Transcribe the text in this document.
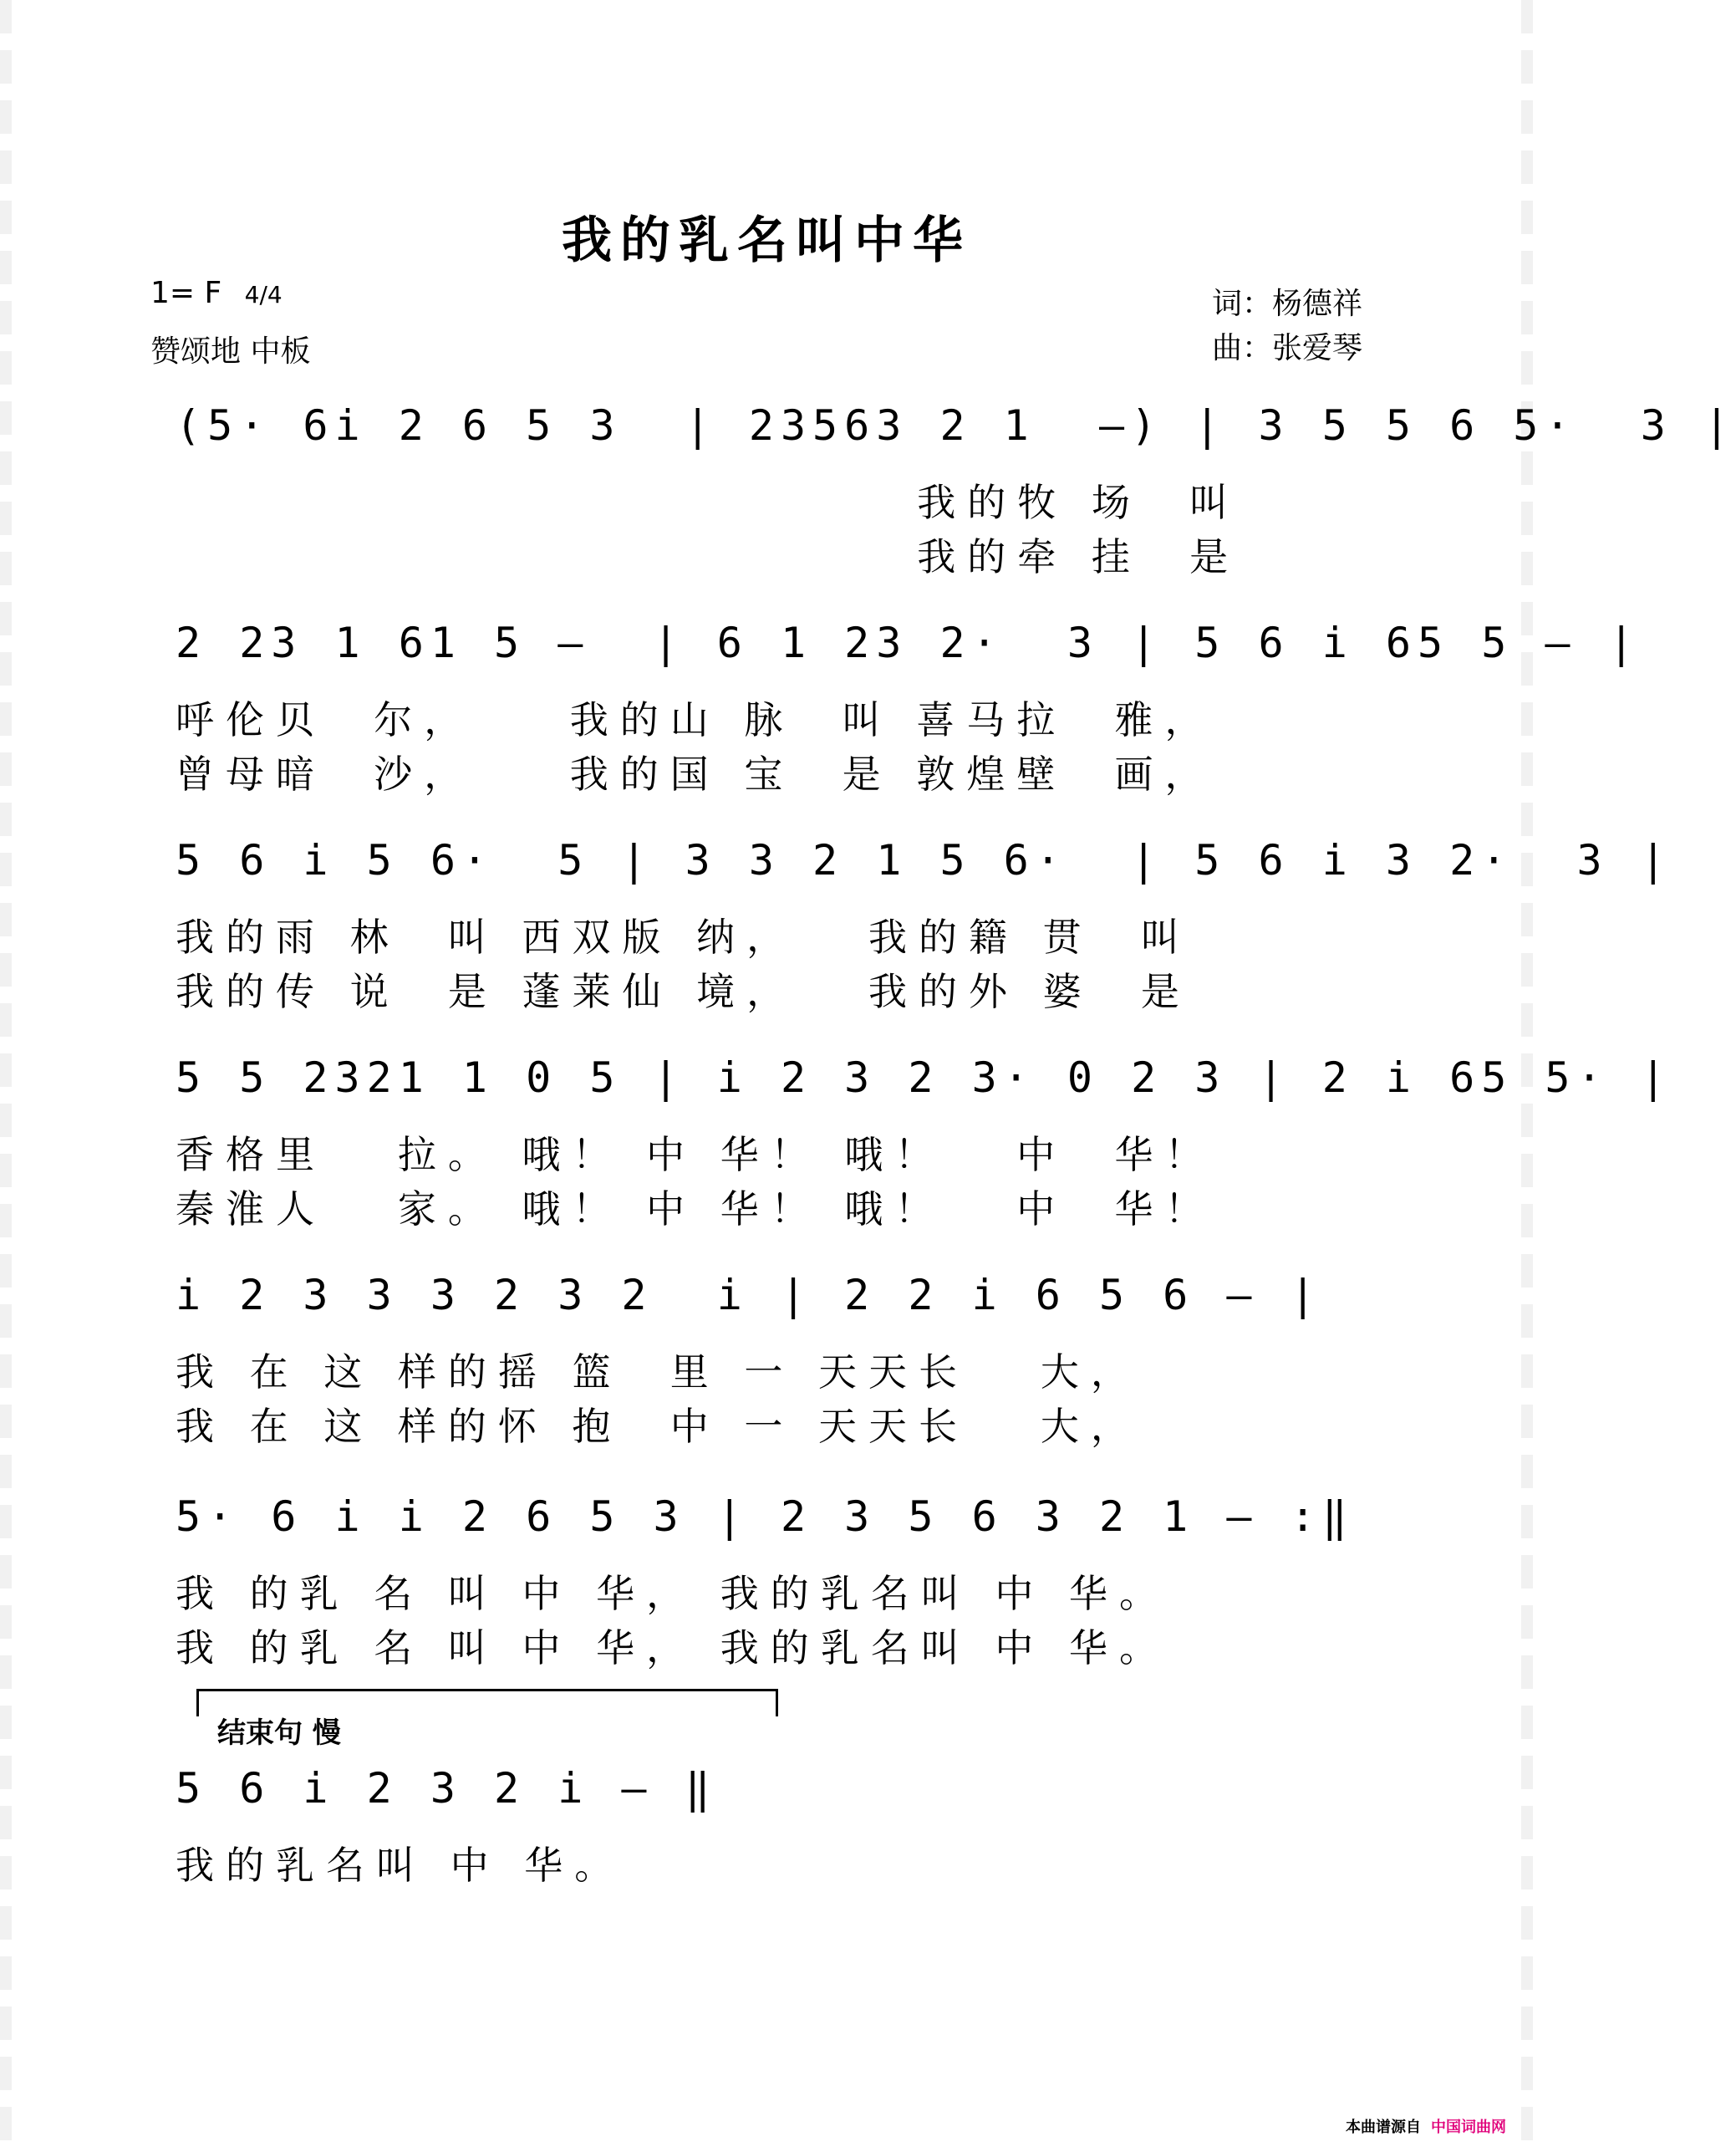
我的乳名叫中华
1= F 4/4
赞颂地 中板
词：杨德祥
曲：张爱琴
(5· 6i 2 6 5 3  | 23563 2 1  –) | 3 5 5 6 5·  3 |
我的牧 场  叫
我的牵 挂  是
2 23 1 61 5 –  | 6 1 23 2·  3 | 5 6 i 65 5 – |
呼伦贝  尔，    我的山 脉  叫 喜马拉  雅，
曾母暗  沙，    我的国 宝  是 敦煌壁  画，
5 6 i 5 6·  5 | 3 3 2 1 5 6·  | 5 6 i 3 2·  3 |
我的雨 林  叫 西双版 纳，   我的籍 贯  叫
我的传 说  是 蓬莱仙 境，   我的外 婆  是
5 5 2321 1 0 5 | i 2 3 2 3· 0 2 3 | 2 i 65 5· |
香格里   拉。 哦！ 中 华！ 哦！   中  华！
秦淮人   家。 哦！ 中 华！ 哦！   中  华！
i 2 3 3 3 2 3 2  i | 2 2 i 6 5 6 – |
我 在 这 样的摇 篮  里 一 天天长   大，
我 在 这 样的怀 抱  中 一 天天长   大，
5· 6 i i 2 6 5 3 | 2 3 5 6 3 2 1 – :‖
我 的乳 名 叫 中 华， 我的乳名叫 中 华。
我 的乳 名 叫 中 华， 我的乳名叫 中 华。
结束句 慢
5 6 i 2 3 2 i – ‖
我的乳名叫 中 华。
本曲谱源自 中国词曲网
